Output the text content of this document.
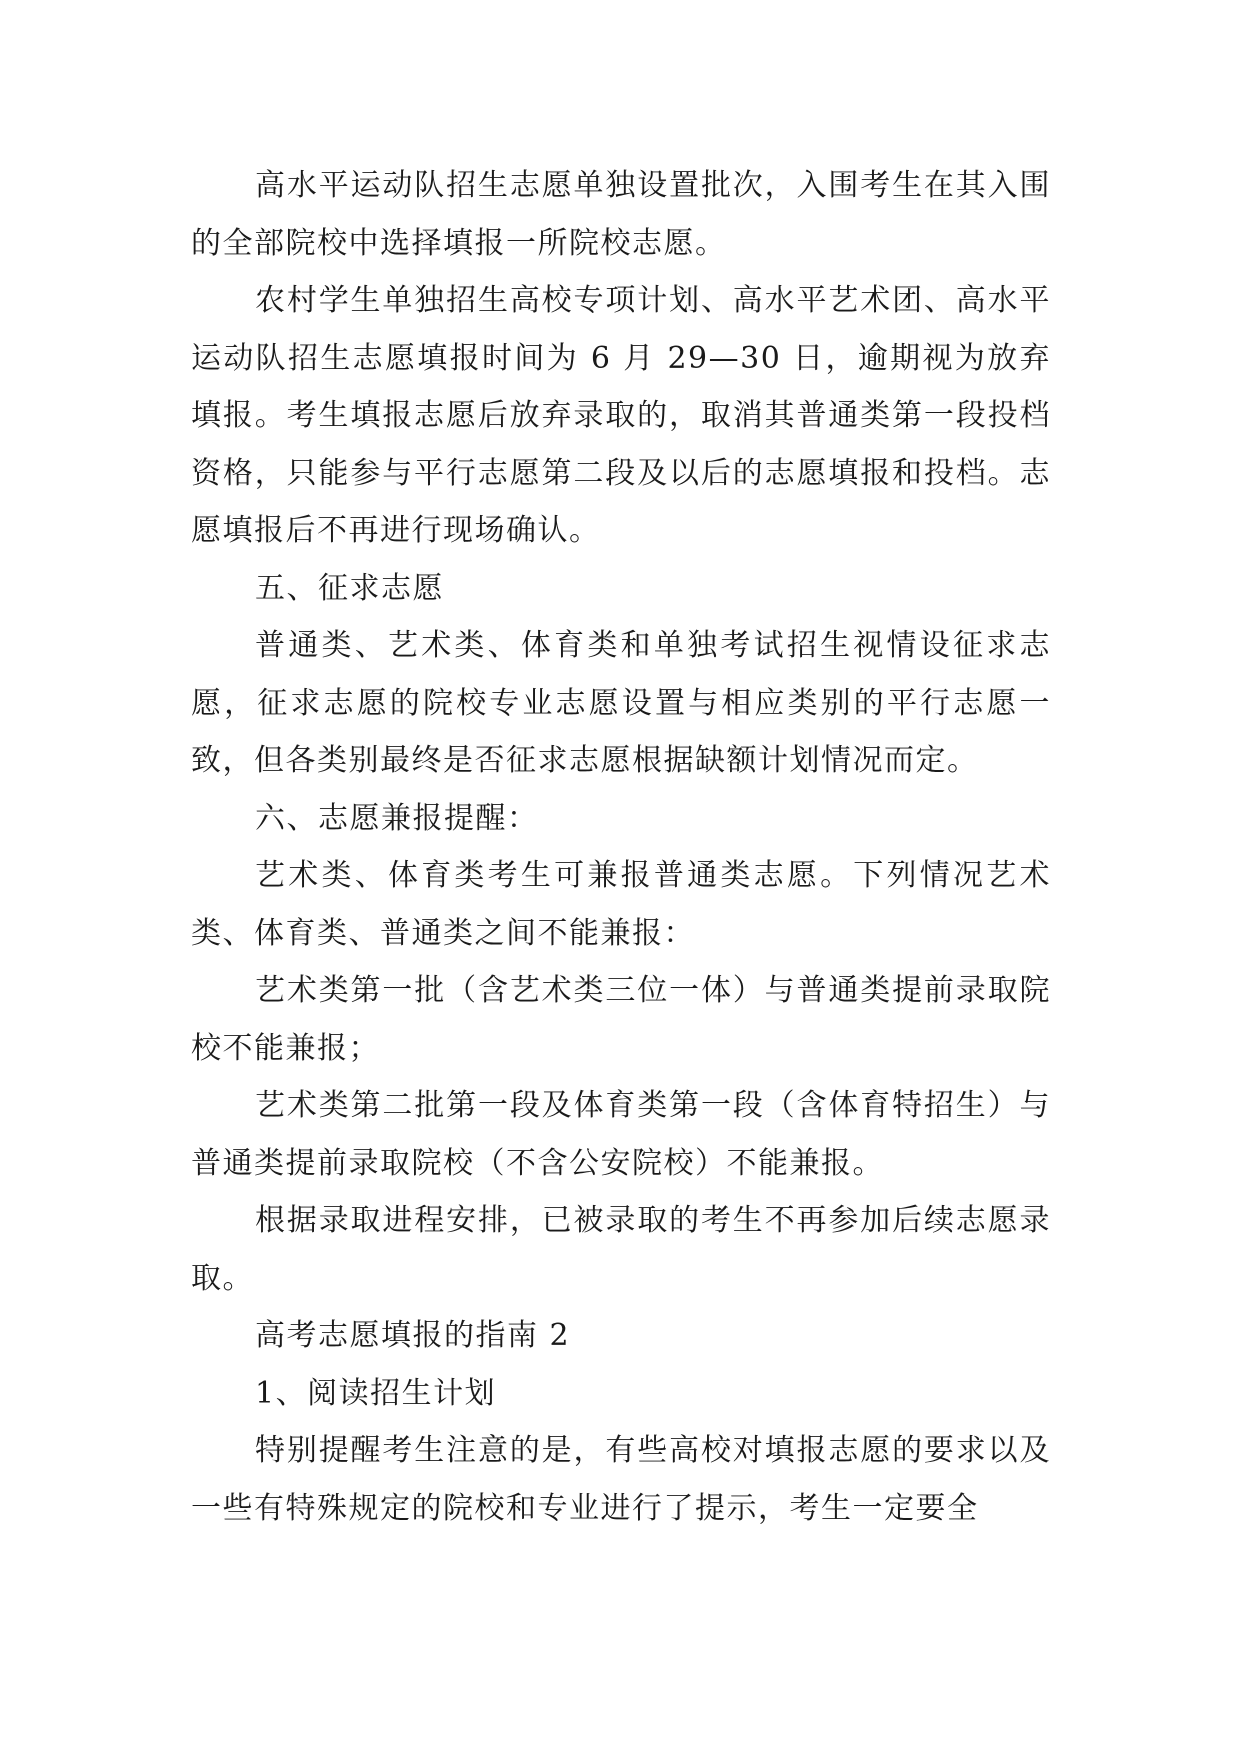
高水平运动队招生志愿单独设置批次，入围考生在其入围的全部院校中选择填报一所院校志愿。

农村学生单独招生高校专项计划、高水平艺术团、高水平运动队招生志愿填报时间为 6 月 29—30 日，逾期视为放弃填报。考生填报志愿后放弃录取的，取消其普通类第一段投档资格，只能参与平行志愿第二段及以后的志愿填报和投档。志愿填报后不再进行现场确认。

五、征求志愿

普通类、艺术类、体育类和单独考试招生视情设征求志愿，征求志愿的院校专业志愿设置与相应类别的平行志愿一致，但各类别最终是否征求志愿根据缺额计划情况而定。

六、志愿兼报提醒：

艺术类、体育类考生可兼报普通类志愿。下列情况艺术类、体育类、普通类之间不能兼报：

艺术类第一批（含艺术类三位一体）与普通类提前录取院校不能兼报；

艺术类第二批第一段及体育类第一段（含体育特招生）与普通类提前录取院校（不含公安院校）不能兼报。

根据录取进程安排，已被录取的考生不再参加后续志愿录取。

高考志愿填报的指南 2

1、阅读招生计划

特别提醒考生注意的是，有些高校对填报志愿的要求以及一些有特殊规定的院校和专业进行了提示，考生一定要全
